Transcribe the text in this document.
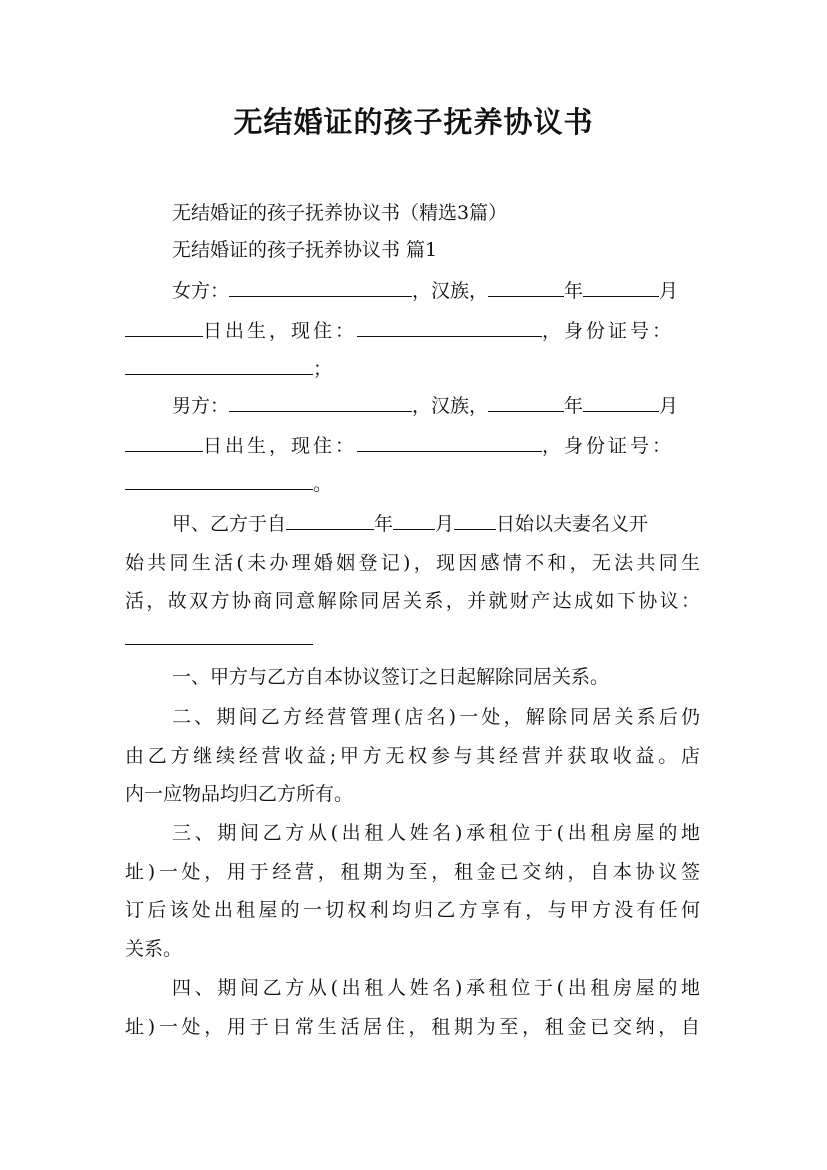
无结婚证的孩子抚养协议书
无结婚证的孩子抚养协议书（精选3篇）
无结婚证的孩子抚养协议书 篇1
女方：	，汉族，	年	月
日出生，现住：	，身份证号：
；
男方：	，汉族，	年	月
日出生，现住：	，身份证号：
。
甲、乙方于自	年 月 日始以夫妻名义开
始共同生活(未办理婚姻登记)，现因感情不和，无法共同生
活，故双方协商同意解除同居关系，并就财产达成如下协议：
一、甲方与乙方自本协议签订之日起解除同居关系。
二、期间乙方经营管理(店名)一处，解除同居关系后仍
由乙方继续经营收益;甲方无权参与其经营并获取收益。店
内一应物品均归乙方所有。
三、期间乙方从(出租人姓名)承租位于(出租房屋的地
址)一处，用于经营，租期为至，租金已交纳，自本协议签
订后该处出租屋的一切权利均归乙方享有，与甲方没有任何
关系。
四、期间乙方从(出租人姓名)承租位于(出租房屋的地
址)一处，用于日常生活居住，租期为至，租金已交纳，自
